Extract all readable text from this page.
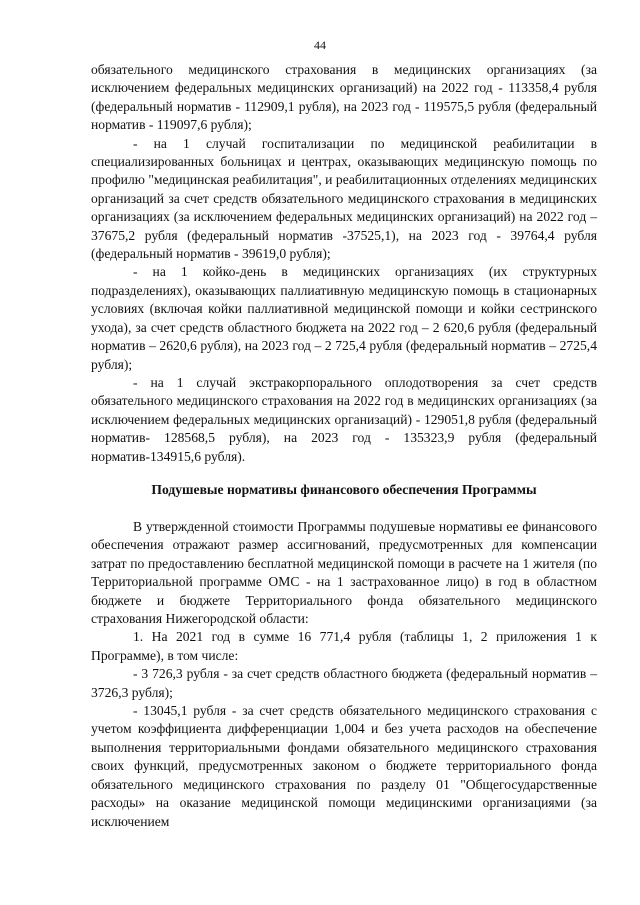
44

обязательного медицинского страхования в медицинских организациях (за исключением федеральных медицинских организаций) на 2022 год - 113358,4 рубля (федеральный норматив - 112909,1 рубля), на 2023 год - 119575,5 рубля (федеральный норматив - 119097,6 рубля);

- на 1 случай госпитализации по медицинской реабилитации в специализированных больницах и центрах, оказывающих медицинскую помощь по профилю "медицинская реабилитация", и реабилитационных отделениях медицинских организаций за счет средств обязательного медицинского страхования в медицинских организациях (за исключением федеральных медицинских организаций) на 2022 год – 37675,2 рубля (федеральный норматив -37525,1), на 2023 год - 39764,4 рубля (федеральный норматив - 39619,0 рубля);

- на 1 койко-день в медицинских организациях (их структурных подразделениях), оказывающих паллиативную медицинскую помощь в стационарных условиях (включая койки паллиативной медицинской помощи и койки сестринского ухода), за счет средств областного бюджета на 2022 год – 2 620,6 рубля (федеральный норматив – 2620,6 рубля), на 2023 год – 2 725,4 рубля (федеральный норматив – 2725,4 рубля);

- на 1 случай экстракорпорального оплодотворения за счет средств обязательного медицинского страхования на 2022 год в медицинских организациях (за исключением федеральных медицинских организаций) - 129051,8 рубля (федеральный норматив- 128568,5 рубля), на 2023 год - 135323,9 рубля (федеральный норматив-134915,6 рубля).

Подушевые нормативы финансового обеспечения Программы

В утвержденной стоимости Программы подушевые нормативы ее финансового обеспечения отражают размер ассигнований, предусмотренных для компенсации затрат по предоставлению бесплатной медицинской помощи в расчете на 1 жителя (по Территориальной программе ОМС - на 1 застрахованное лицо) в год в областном бюджете и бюджете Территориального фонда обязательного медицинского страхования Нижегородской области:

1. На 2021 год в сумме 16 771,4 рубля (таблицы 1, 2 приложения 1 к Программе), в том числе:

- 3 726,3 рубля - за счет средств областного бюджета (федеральный норматив – 3726,3 рубля);

- 13045,1 рубля - за счет средств обязательного медицинского страхования с учетом коэффициента дифференциации 1,004 и без учета расходов на обеспечение выполнения территориальными фондами обязательного медицинского страхования своих функций, предусмотренных законом о бюджете территориального фонда обязательного медицинского страхования по разделу 01 "Общегосударственные расходы» на оказание медицинской помощи медицинскими организациями (за исключением
